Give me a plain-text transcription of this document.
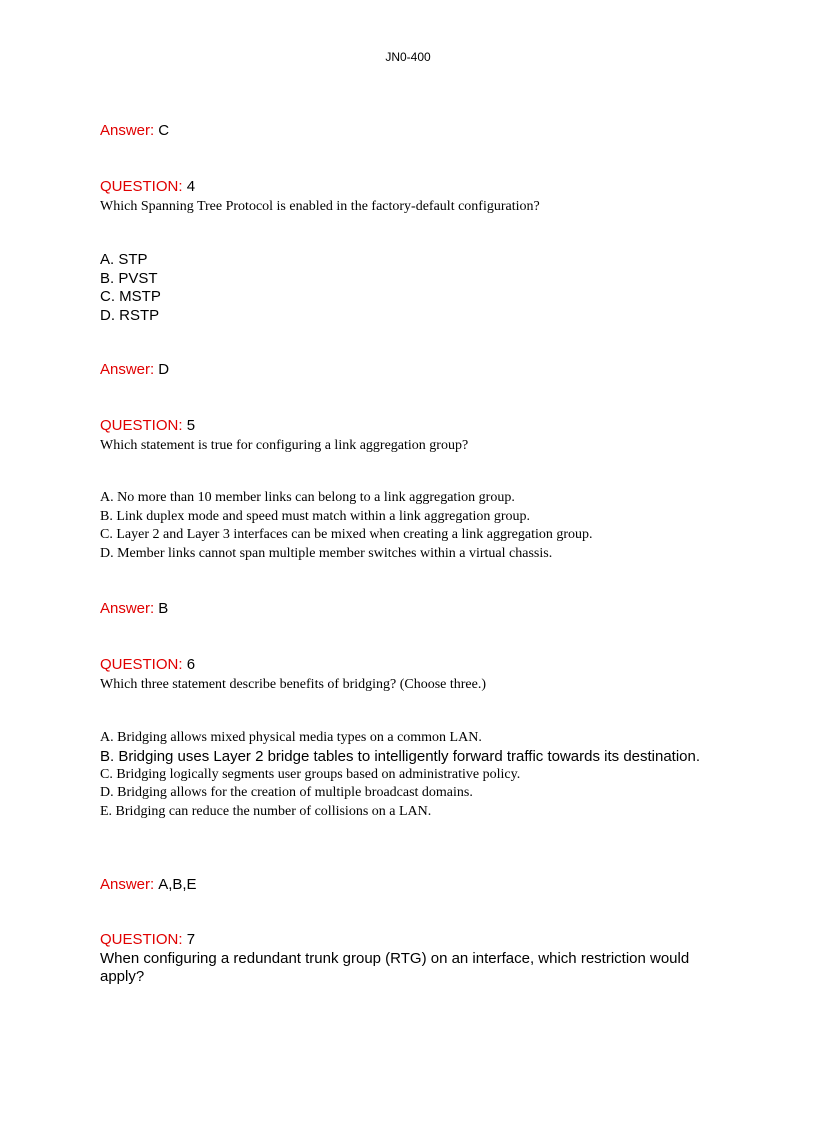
JN0-400
Answer: C
QUESTION: 4
Which Spanning Tree Protocol is enabled in the factory-default configuration?
A. STP
B. PVST
C. MSTP
D. RSTP
Answer: D
QUESTION: 5
Which statement is true for configuring a link aggregation group?
A. No more than 10 member links can belong to a link aggregation group.
B. Link duplex mode and speed must match within a link aggregation group.
C. Layer 2 and Layer 3 interfaces can be mixed when creating a link aggregation group.
D. Member links cannot span multiple member switches within a virtual chassis.
Answer: B
QUESTION: 6
Which three statement describe benefits of bridging? (Choose three.)
A. Bridging allows mixed physical media types on a common LAN.
B. Bridging uses Layer 2 bridge tables to intelligently forward traffic towards its destination.
C. Bridging logically segments user groups based on administrative policy.
D. Bridging allows for the creation of multiple broadcast domains.
E. Bridging can reduce the number of collisions on a LAN.
Answer: A,B,E
QUESTION: 7
When configuring a redundant trunk group (RTG) on an interface, which restriction would apply?
